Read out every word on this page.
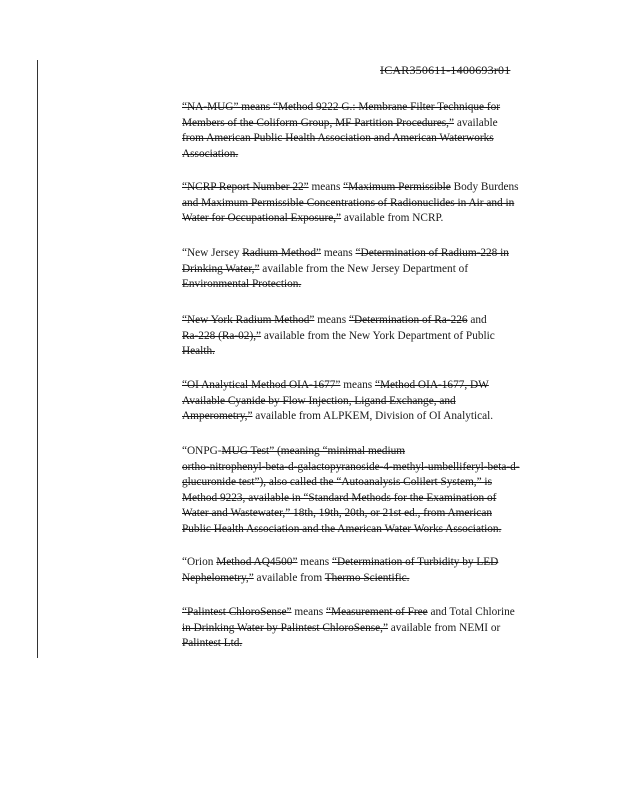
ICAR350611-1400693r01

“NA-MUG” means “Method 9222 G.: Membrane Filter Technique for

Members of the Coliform Group, MF Partition Procedures,” available

from American Public Health Association and American Waterworks

Association.

“NCRP Report Number 22” means “Maximum Permissible Body Burdens

and Maximum Permissible Concentrations of Radionuclides in Air and in

Water for Occupational Exposure,” available from NCRP.

“New Jersey Radium Method” means “Determination of Radium-228 in

Drinking Water,” available from the New Jersey Department of

Environmental Protection.

“New York Radium Method” means “Determination of Ra-226 and

Ra-228 (Ra-02),” available from the New York Department of Public

Health.

“OI Analytical Method OIA-1677” means “Method OIA-1677, DW

Available Cyanide by Flow Injection, Ligand Exchange, and

Amperometry,” available from ALPKEM, Division of OI Analytical.

“ONPG-MUG Test” (meaning “minimal medium

ortho-nitrophenyl-beta-d-galactopyranoside-4-methyl-umbelliferyl-beta-d-

glucuronide test”), also called the “Autoanalysis Colilert System,” is

Method 9223, available in “Standard Methods for the Examination of

Water and Wastewater,” 18th, 19th, 20th, or 21st ed., from American

Public Health Association and the American Water Works Association.

“Orion Method AQ4500” means “Determination of Turbidity by LED

Nephelometry,” available from Thermo Scientific.

“Palintest ChloroSense” means “Measurement of Free and Total Chlorine

in Drinking Water by Palintest ChloroSense,” available from NEMI or

Palintest Ltd.
